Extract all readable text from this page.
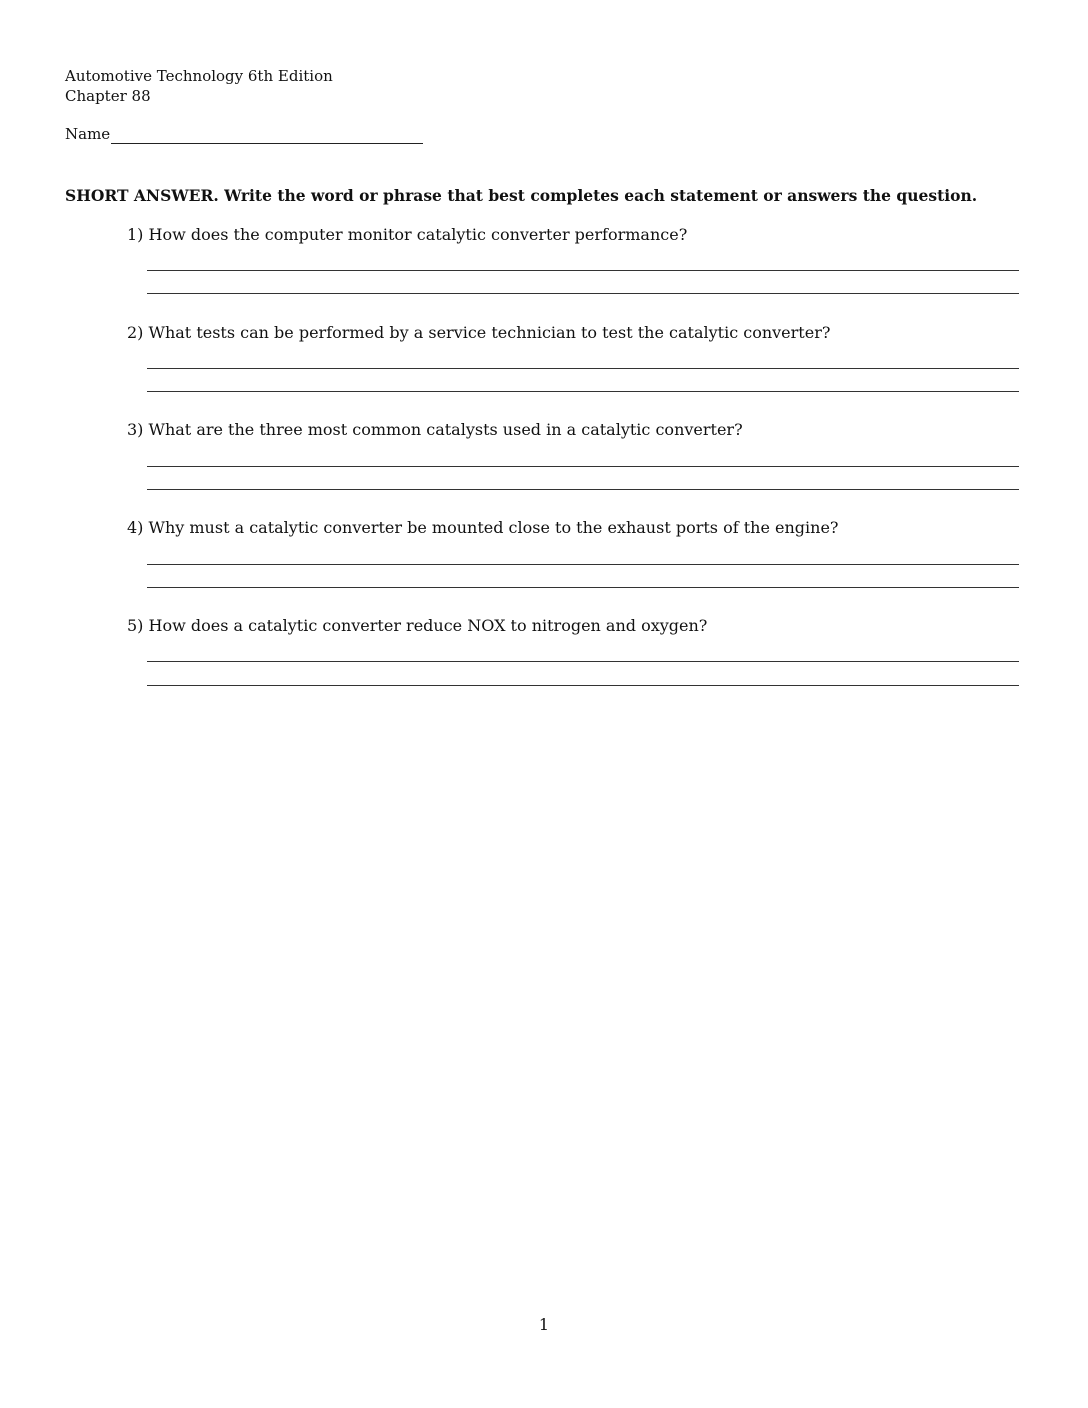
Automotive Technology 6th Edition
Chapter 88
Name
SHORT ANSWER. Write the word or phrase that best completes each statement or answers the question.
1) How does the computer monitor catalytic converter performance?
2) What tests can be performed by a service technician to test the catalytic converter?
3) What are the three most common catalysts used in a catalytic converter?
4) Why must a catalytic converter be mounted close to the exhaust ports of the engine?
5) How does a catalytic converter reduce NOX to nitrogen and oxygen?
1
